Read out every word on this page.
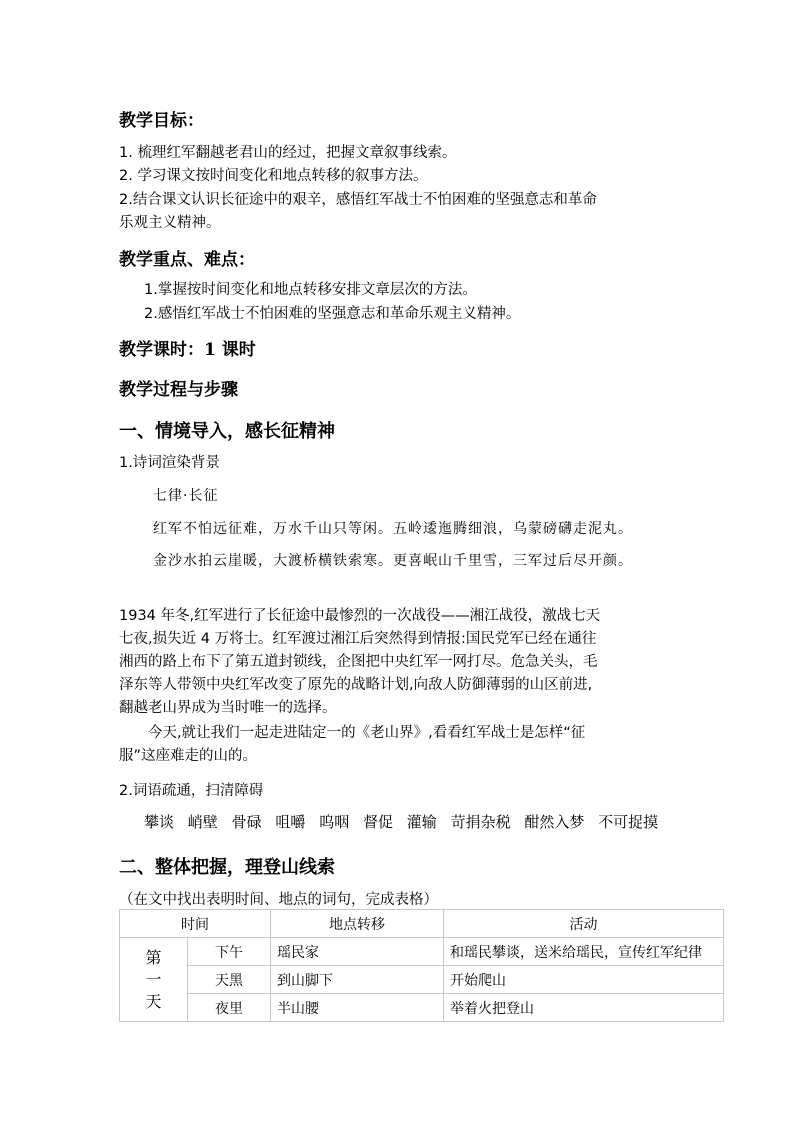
教学目标：
1. 梳理红军翻越老君山的经过，把握文章叙事线索。
2. 学习课文按时间变化和地点转移的叙事方法。
2.结合课文认识长征途中的艰辛，感悟红军战士不怕困难的坚强意志和革命
乐观主义精神。
教学重点、难点：
1.掌握按时间变化和地点转移安排文章层次的方法。
2.感悟红军战士不怕困难的坚强意志和革命乐观主义精神。
教学课时：1 课时
教学过程与步骤
一、情境导入，感长征精神
1.诗词渲染背景
七律·长征
红军不怕远征难，万水千山只等闲。五岭逶迤腾细浪，乌蒙磅礴走泥丸。
金沙水拍云崖暖，大渡桥横铁索寒。更喜岷山千里雪，三军过后尽开颜。
1934 年冬,红军进行了长征途中最惨烈的一次战役——湘江战役，激战七天
七夜,损失近 4 万将士。红军渡过湘江后突然得到情报:国民党军已经在通往
湘西的路上布下了第五道封锁线，企图把中央红军一网打尽。危急关头，毛
泽东等人带领中央红军改变了原先的战略计划,向敌人防御薄弱的山区前进,
翻越老山界成为当时唯一的选择。
今天,就让我们一起走进陆定一的《老山界》,看看红军战士是怎样“征
服”这座难走的山的。
2.词语疏通，扫清障碍
攀谈 峭壁 骨碌 咀嚼 呜咽 督促 灌输 苛捐杂税 酣然入梦 不可捉摸
二、整体把握，理登山线索
（在文中找出表明时间、地点的词句，完成表格）
时间		地点转移	活动

第
一
天	下午	瑶民家	和瑶民攀谈，送米给瑶民，宣传红军纪律
	天黑	到山脚下	开始爬山
	夜里	半山腰	举着火把登山
